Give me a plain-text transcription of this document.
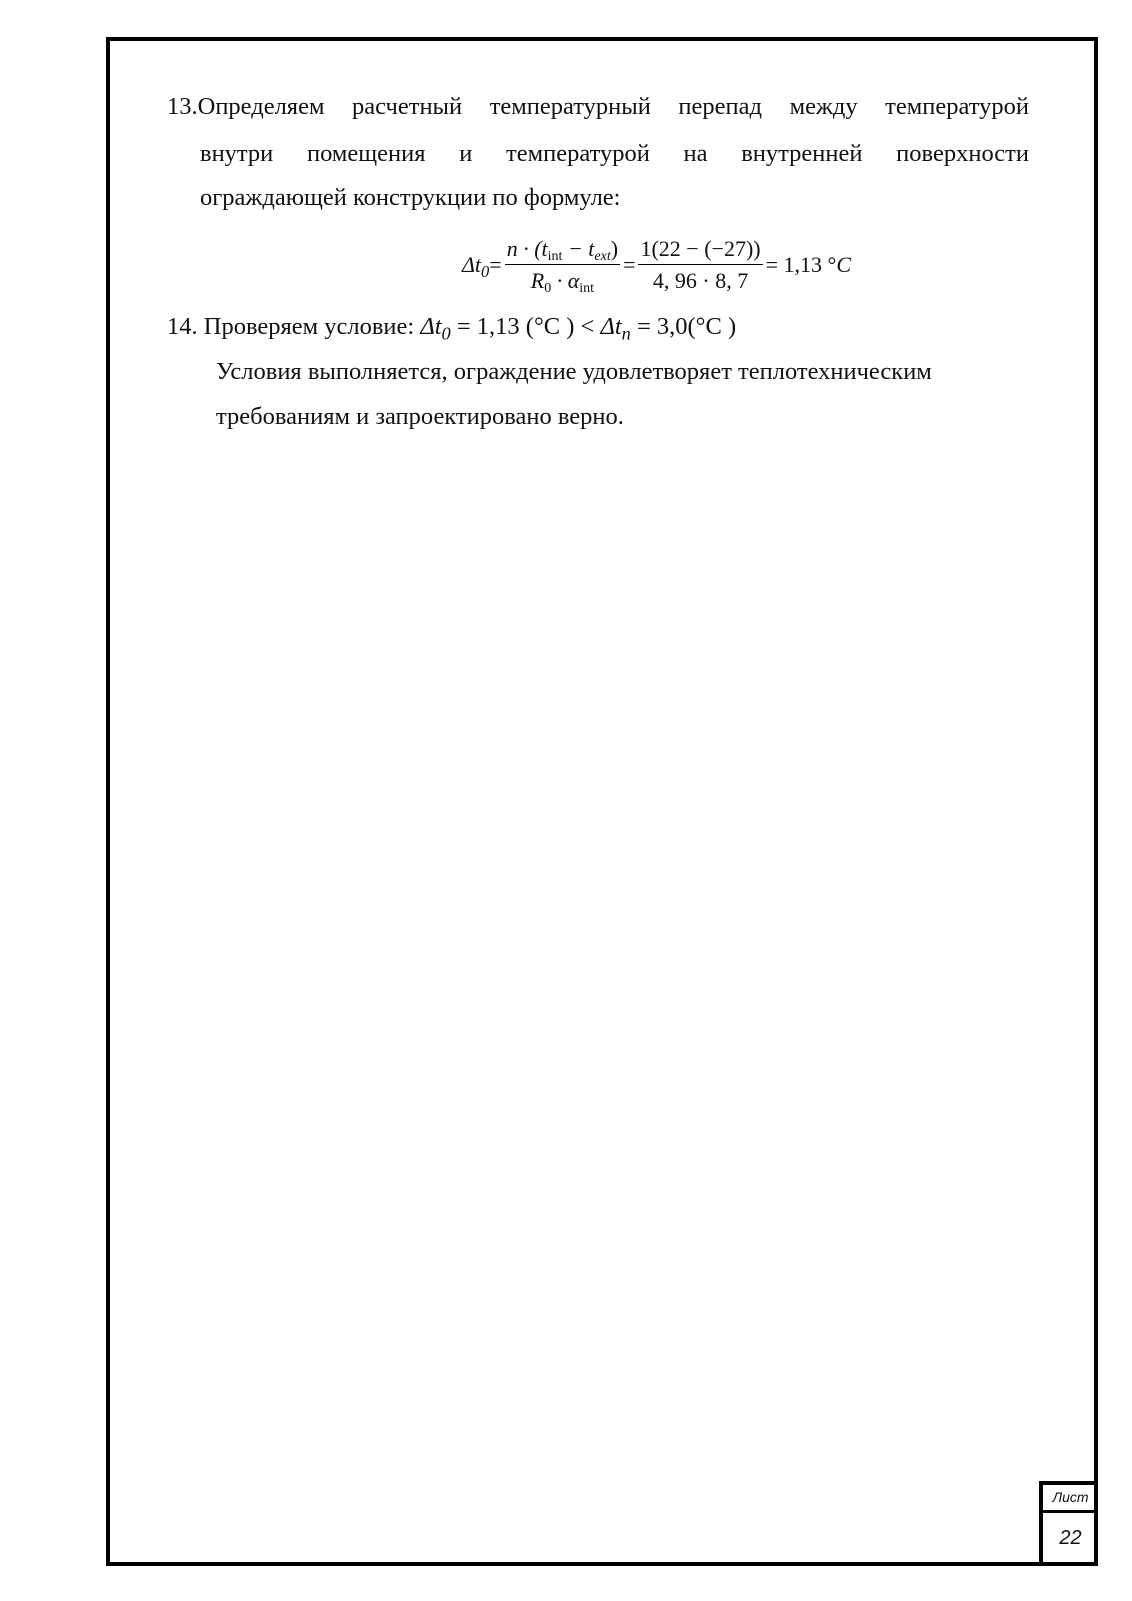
13.Определяем расчетный температурный перепад между температурой
внутри помещения и температурой на внутренней поверхности
ограждающей конструкции по формуле:
$\Delta t_0 = \frac{n \cdot (t_{int} - t_{ext})}{R_0 \cdot \alpha_{int}} = \frac{1(22 - (-27))}{4, 96 \cdot 8, 7} = 1,13$ °C
14. Проверяем условие: $\Delta t_0 = 1,13$ (°С ) < $\Delta t_n = 3,0(^\circ С$ )
Условия выполняется, ограждение удовлетворяет теплотехническим
требованиям и запроектировано верно.
Лист
22
